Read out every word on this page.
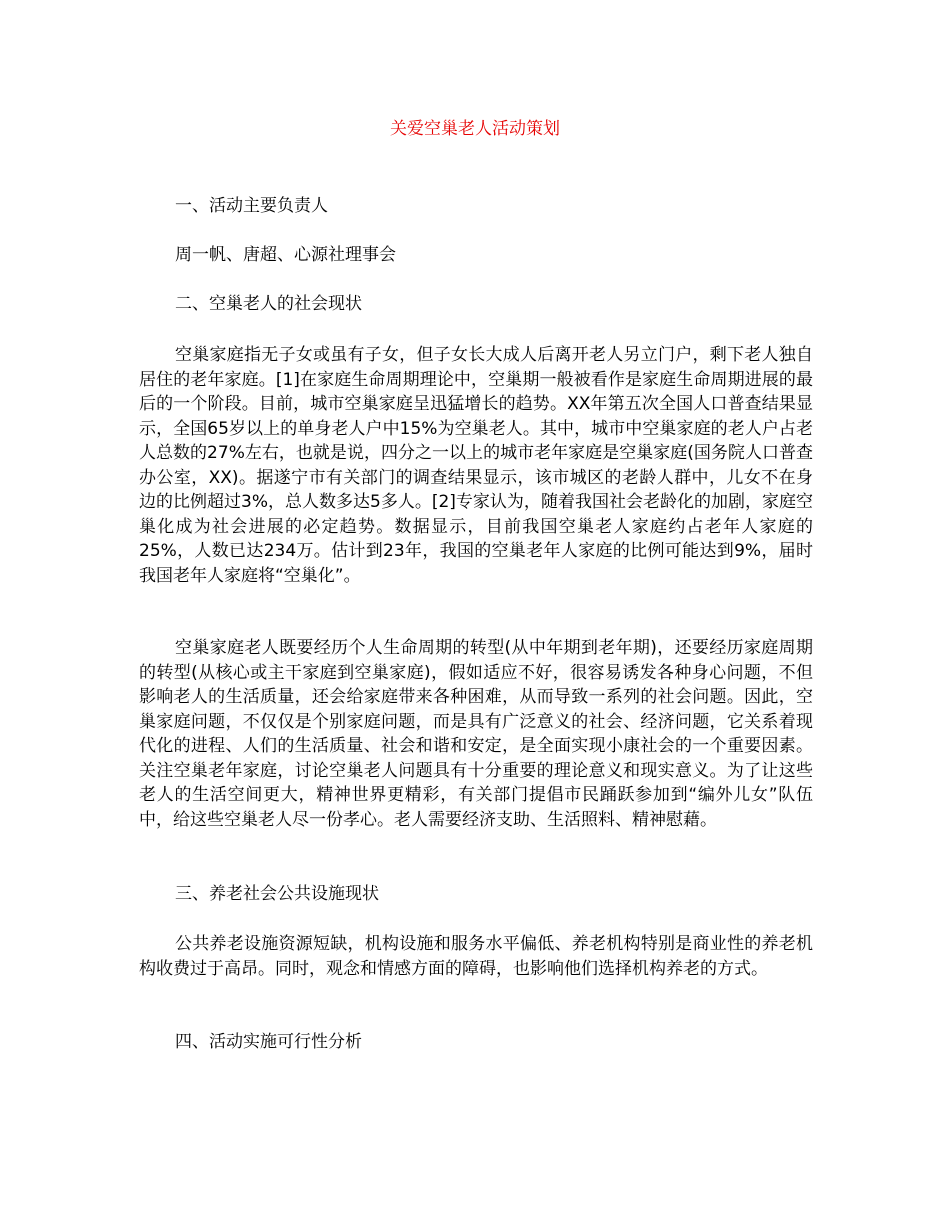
关爱空巢老人活动策划
一、活动主要负责人
周一帆、唐超、心源社理事会
二、空巢老人的社会现状
空巢家庭指无子女或虽有子女，但子女长大成人后离开老人另立门户，剩下老人独自居住的老年家庭。[1]在家庭生命周期理论中，空巢期一般被看作是家庭生命周期进展的最后的一个阶段。目前，城市空巢家庭呈迅猛增长的趋势。XX年第五次全国人口普查结果显示，全国65岁以上的单身老人户中15%为空巢老人。其中，城市中空巢家庭的老人户占老人总数的27%左右，也就是说，四分之一以上的城市老年家庭是空巢家庭(国务院人口普查办公室，XX)。据遂宁市有关部门的调查结果显示，该市城区的老龄人群中，儿女不在身边的比例超过3%，总人数多达5多人。[2]专家认为，随着我国社会老龄化的加剧，家庭空巢化成为社会进展的必定趋势。数据显示，目前我国空巢老人家庭约占老年人家庭的25%，人数已达234万。估计到23年，我国的空巢老年人家庭的比例可能达到9%，届时我国老年人家庭将“空巢化”。
空巢家庭老人既要经历个人生命周期的转型(从中年期到老年期)，还要经历家庭周期的转型(从核心或主干家庭到空巢家庭)，假如适应不好，很容易诱发各种身心问题，不但影响老人的生活质量，还会给家庭带来各种困难，从而导致一系列的社会问题。因此，空巢家庭问题，不仅仅是个别家庭问题，而是具有广泛意义的社会、经济问题，它关系着现代化的进程、人们的生活质量、社会和谐和安定，是全面实现小康社会的一个重要因素。关注空巢老年家庭，讨论空巢老人问题具有十分重要的理论意义和现实意义。为了让这些老人的生活空间更大，精神世界更精彩，有关部门提倡市民踊跃参加到“编外儿女”队伍中，给这些空巢老人尽一份孝心。老人需要经济支助、生活照料、精神慰藉。
三、养老社会公共设施现状
公共养老设施资源短缺，机构设施和服务水平偏低、养老机构特别是商业性的养老机构收费过于高昂。同时，观念和情感方面的障碍，也影响他们选择机构养老的方式。
四、活动实施可行性分析
